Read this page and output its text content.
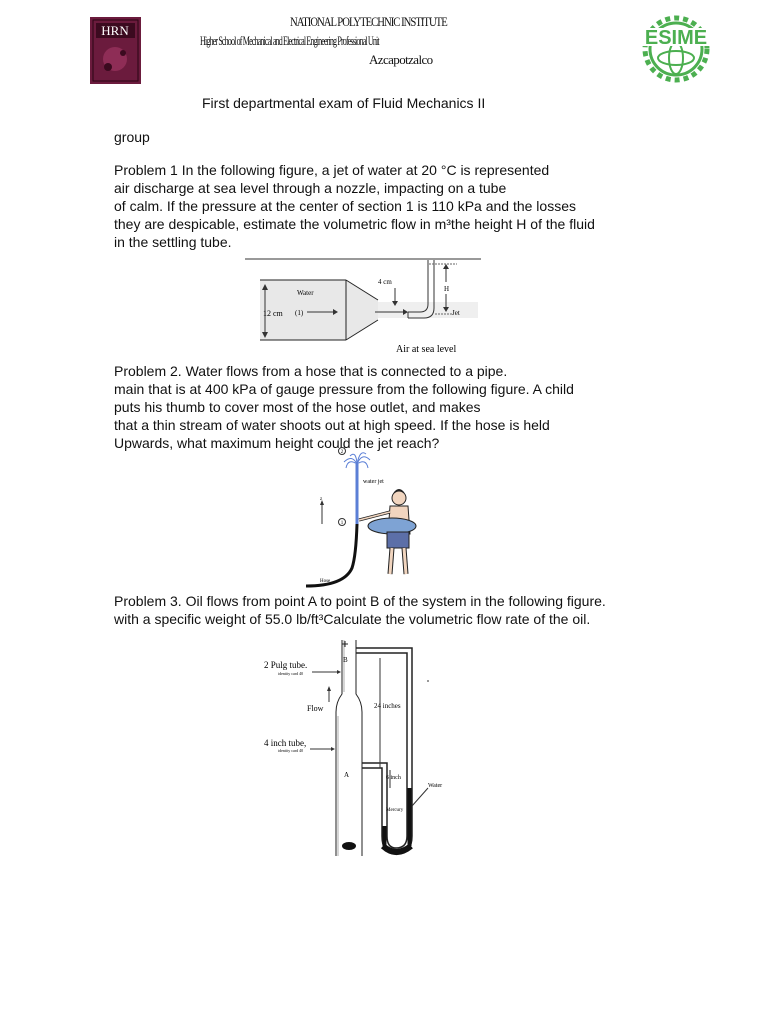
HRN	ESIME
NATIONAL POLYTECHNIC INSTITUTE
Higher School of Mechanical and Electrical Engineering Professional Unit
Azcapotzalco
First departmental exam of Fluid Mechanics II
group
Problem 1 In the following figure, a jet of water at 20 °C is represented
air discharge at sea level through a nozzle, impacting on a tube
of calm. If the pressure at the center of section 1 is 110 kPa and the losses
they are despicable, estimate the volumetric flow in m³the height H of the fluid
in the settling tube.
12 cm
Water
(1)
4 cm
H
Jet
Air at sea level
Problem 2. Water flows from a hose that is connected to a pipe.
main that is at 400 kPa of gauge pressure from the following figure. A child
puts his thumb to cover most of the hose outlet, and makes
that a thin stream of water shoots out at high speed. If the hose is held
Upwards, what maximum height could the jet reach?
2
water jet
z
1
Hose
Problem 3. Oil flows from point A to point B of the system in the following figure.
with a specific weight of 55.0 lb/ft³Calculate the volumetric flow rate of the oil.
B
A
24 inches
6 inch
Mercury
Water
2 Pulg tube.
identity card 40
4 inch tube,
identity card 40
Flow
